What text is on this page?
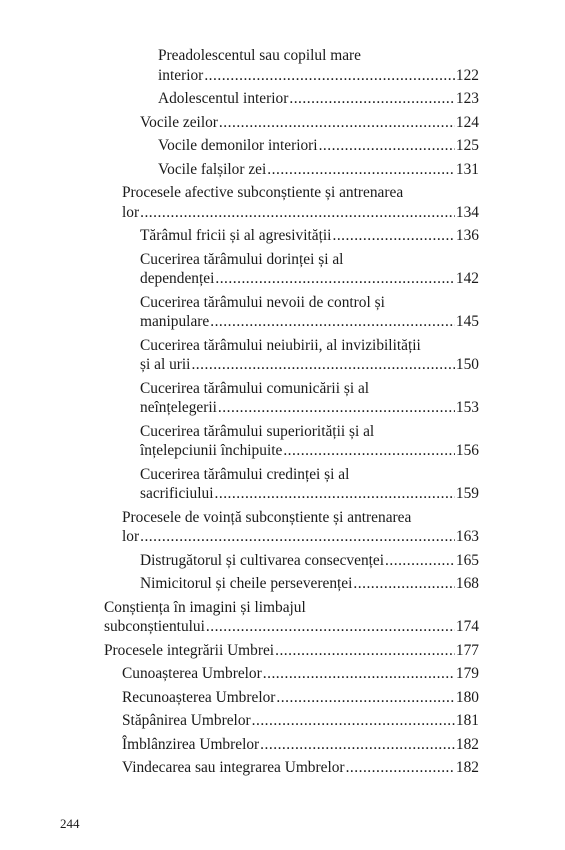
Preadolescentul sau copilul mare
interior .....	122
Adolescentul interior .....	123
Vocile zeilor .....	124
Vocile demonilor interiori .....	125
Vocile falșilor zei .....	131
Procesele afective subconștiente și antrenarea
lor .....	134
Tărâmul fricii și al agresivității .....	136
Cucerirea tărâmului dorinței și al
dependenței .....	142
Cucerirea tărâmului nevoii de control și
manipulare .....	145
Cucerirea tărâmului neiubirii, al invizibilității
și al urii .....	150
Cucerirea tărâmului comunicării și al
neînțelegerii .....	153
Cucerirea tărâmului superiorității și al
înțelepciunii închipuite .....	156
Cucerirea tărâmului credinței și al
sacrificiului .....	159
Procesele de voință subconștiente și antrenarea
lor .....	163
Distrugătorul și cultivarea consecvenței .....	165
Nimicitorul și cheile perseverenței .....	168
Conștiența în imagini și limbajul
subconștientului .....	174
Procesele integrării Umbrei .....	177
Cunoașterea Umbrelor .....	179
Recunoașterea Umbrelor .....	180
Stăpânirea Umbrelor .....	181
Îmblânzirea Umbrelor .....	182
Vindecarea sau integrarea Umbrelor .....	182
244
